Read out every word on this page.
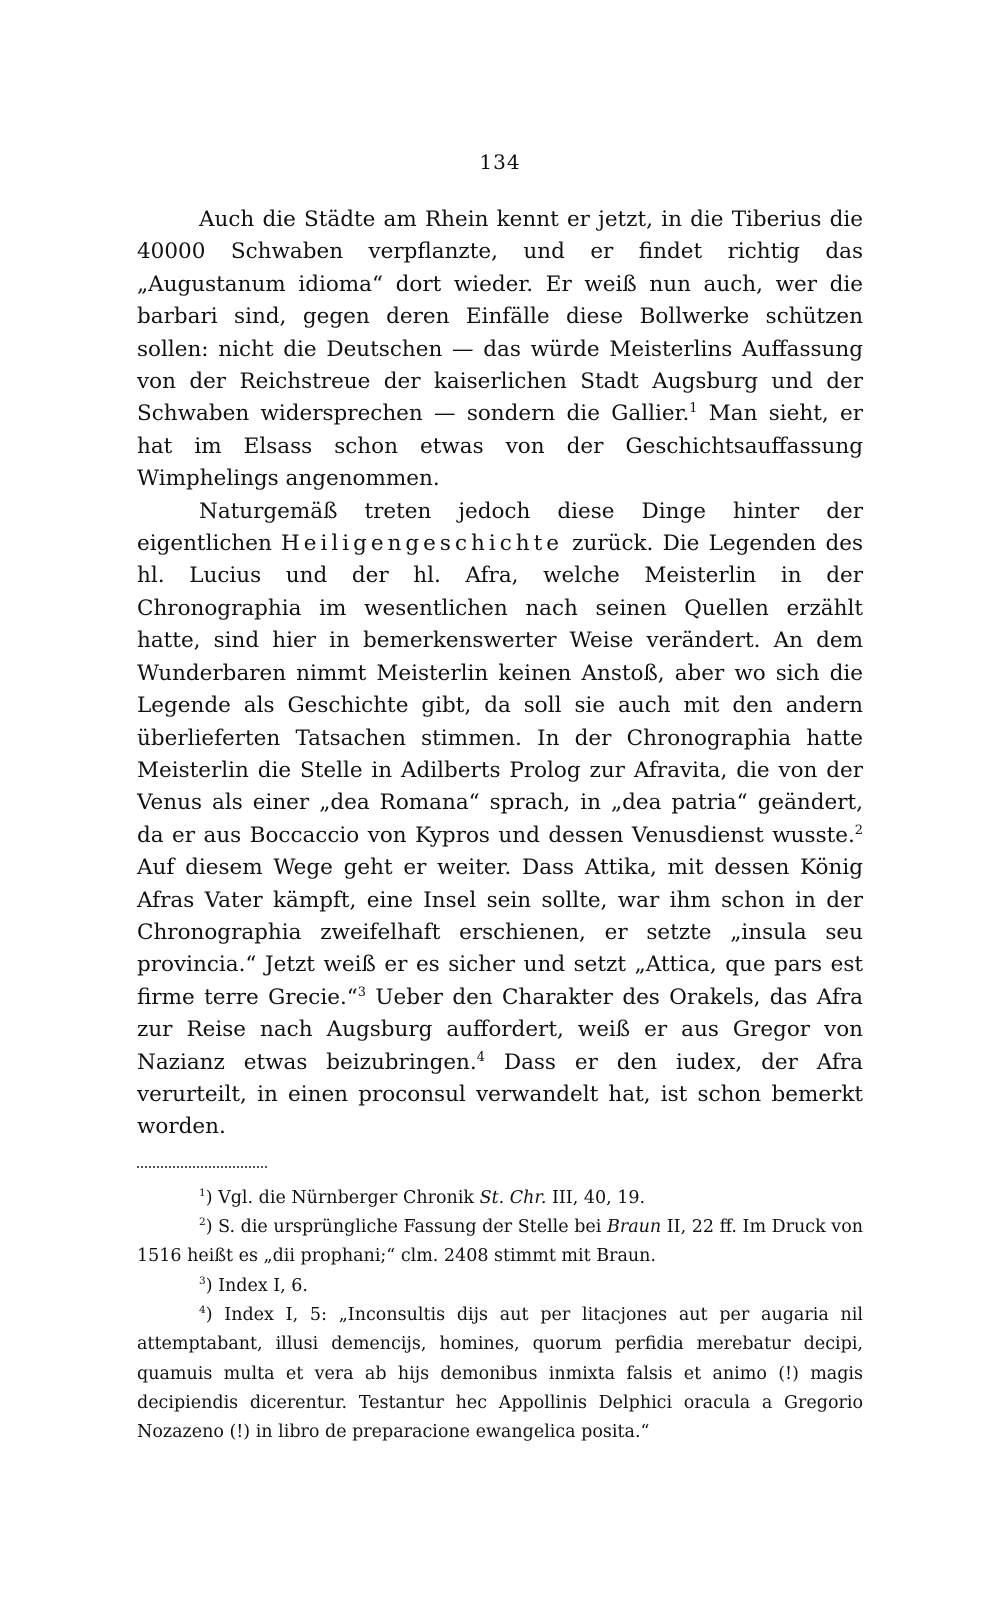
134

Auch die Städte am Rhein kennt er jetzt, in die Tiberius die 40000 Schwaben verpflanzte, und er findet richtig das „Augustanum idioma“ dort wieder. Er weiß nun auch, wer die barbari sind, gegen deren Einfälle diese Bollwerke schützen sollen: nicht die Deutschen — das würde Meisterlins Auffassung von der Reichstreue der kaiserlichen Stadt Augsburg und der Schwaben widersprechen — sondern die Gallier.$^1$ Man sieht, er hat im Elsass schon etwas von der Geschichtsauffassung Wimphelings angenommen.

Naturgemäß treten jedoch diese Dinge hinter der eigentlichen Heiligengeschichte zurück. Die Legenden des hl. Lucius und der hl. Afra, welche Meisterlin in der Chronographia im wesentlichen nach seinen Quellen erzählt hatte, sind hier in bemerkenswerter Weise verändert. An dem Wunderbaren nimmt Meisterlin keinen Anstoß, aber wo sich die Legende als Geschichte gibt, da soll sie auch mit den andern überlieferten Tatsachen stimmen. In der Chronographia hatte Meisterlin die Stelle in Adilberts Prolog zur Afravita, die von der Venus als einer „dea Romana“ sprach, in „dea patria“ geändert, da er aus Boccaccio von Kypros und dessen Venusdienst wusste.$^2$ Auf diesem Wege geht er weiter. Dass Attika, mit dessen König Afras Vater kämpft, eine Insel sein sollte, war ihm schon in der Chronographia zweifelhaft erschienen, er setzte „insula seu provincia.“ Jetzt weiß er es sicher und setzt „Attica, que pars est firme terre Grecie.“$^3$ Ueber den Charakter des Orakels, das Afra zur Reise nach Augsburg auffordert, weiß er aus Gregor von Nazianz etwas beizubringen.$^4$ Dass er den iudex, der Afra verurteilt, in einen proconsul verwandelt hat, ist schon bemerkt worden.

$^1$) Vgl. die Nürnberger Chronik St. Chr. III, 40, 19.

$^2$) S. die ursprüngliche Fassung der Stelle bei Braun II, 22 ff. Im Druck von 1516 heißt es „dii prophani;“ clm. 2408 stimmt mit Braun.

$^3$) Index I, 6.

$^4$) Index I, 5: „Inconsultis dijs aut per litacjones aut per augaria nil attemptabant, illusi demencijs, homines, quorum perfidia merebatur decipi, quamuis multa et vera ab hijs demonibus inmixta falsis et animo (!) magis decipiendis dicerentur. Testantur hec Appollinis Delphici oracula a Gregorio Nozazeno (!) in libro de preparacione ewangelica posita.“
